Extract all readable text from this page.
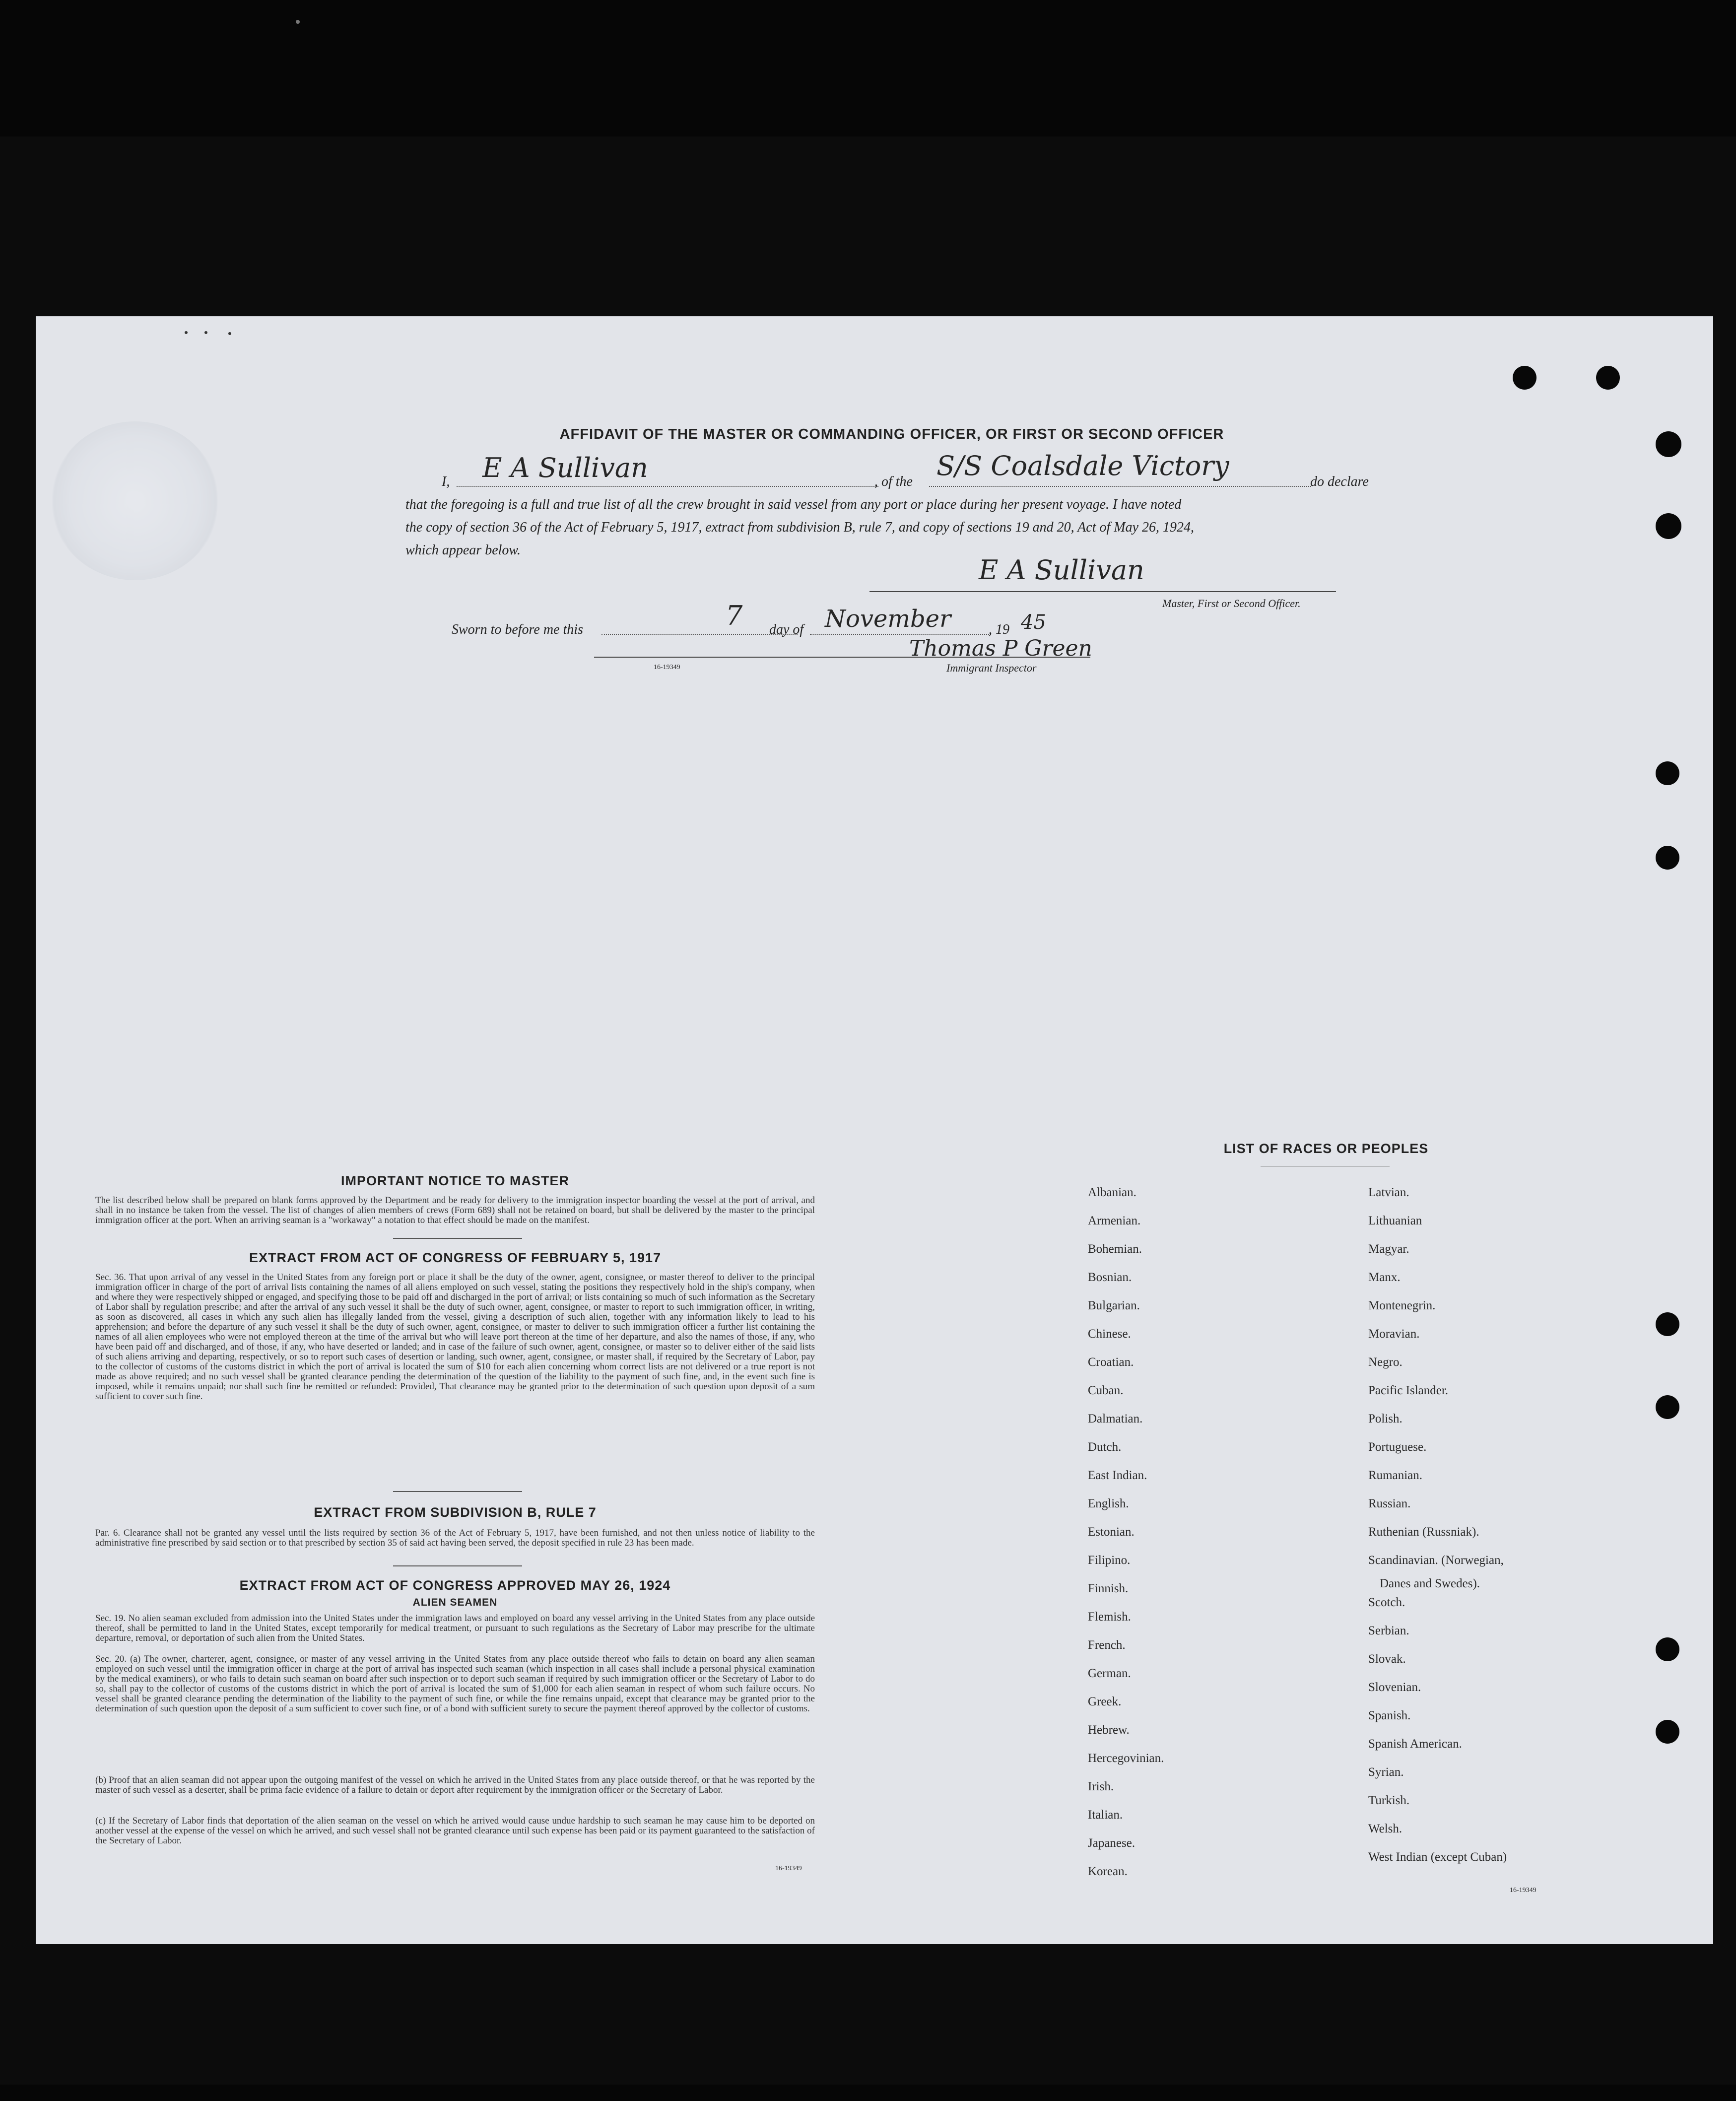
AFFIDAVIT OF THE MASTER OR COMMANDING OFFICER, OR FIRST OR SECOND OFFICER
I, E A Sullivan	, of the
S/S Coalsdale Victory
do declare
that the foregoing is a full and true list of all the crew brought in said vessel from any port or place during her present voyage. I have noted
the copy of section 36 of the Act of February 5, 1917, extract from subdivision B, rule 7, and copy of sections 19 and 20, Act of May 26, 1924,
which appear below.
E A Sullivan
Master, First or Second Officer.
Sworn to before me this	7 day of November	, 19 45
Thomas P Green
16-19349	Immigrant Inspector
IMPORTANT NOTICE TO MASTER
The list described below shall be prepared on blank forms approved by the Department and be ready for delivery to the immigration inspector boarding the vessel at the port of arrival, and shall in no instance be taken from the vessel. The list of changes of alien members of crews (Form 689) shall not be retained on board, but shall be delivered by the master to the principal immigration officer at the port. When an arriving seaman is a "workaway" a notation to that effect should be made on the manifest.
EXTRACT FROM ACT OF CONGRESS OF FEBRUARY 5, 1917
Sec. 36. That upon arrival of any vessel in the United States from any foreign port or place it shall be the duty of the owner, agent, consignee, or master thereof to deliver to the principal immigration officer in charge of the port of arrival lists containing the names of all aliens employed on such vessel, stating the positions they respectively hold in the ship's company, when and where they were respectively shipped or engaged, and specifying those to be paid off and discharged in the port of arrival; or lists containing so much of such information as the Secretary of Labor shall by regulation prescribe; and after the arrival of any such vessel it shall be the duty of such owner, agent, consignee, or master to report to such immigration officer, in writing, as soon as discovered, all cases in which any such alien has illegally landed from the vessel, giving a description of such alien, together with any information likely to lead to his apprehension; and before the departure of any such vessel it shall be the duty of such owner, agent, consignee, or master to deliver to such immigration officer a further list containing the names of all alien employees who were not employed thereon at the time of the arrival but who will leave port thereon at the time of her departure, and also the names of those, if any, who have been paid off and discharged, and of those, if any, who have deserted or landed; and in case of the failure of such owner, agent, consignee, or master so to deliver either of the said lists of such aliens arriving and departing, respectively, or so to report such cases of desertion or landing, such owner, agent, consignee, or master shall, if required by the Secretary of Labor, pay to the collector of customs of the customs district in which the port of arrival is located the sum of $10 for each alien concerning whom correct lists are not delivered or a true report is not made as above required; and no such vessel shall be granted clearance pending the determination of the question of the liability to the payment of such fine, and, in the event such fine is imposed, while it remains unpaid; nor shall such fine be remitted or refunded: Provided, That clearance may be granted prior to the determination of such question upon deposit of a sum sufficient to cover such fine.
EXTRACT FROM SUBDIVISION B, RULE 7
Par. 6. Clearance shall not be granted any vessel until the lists required by section 36 of the Act of February 5, 1917, have been furnished, and not then unless notice of liability to the administrative fine prescribed by said section or to that prescribed by section 35 of said act having been served, the deposit specified in rule 23 has been made.
EXTRACT FROM ACT OF CONGRESS APPROVED MAY 26, 1924
ALIEN SEAMEN
Sec. 19. No alien seaman excluded from admission into the United States under the immigration laws and employed on board any vessel arriving in the United States from any place outside thereof, shall be permitted to land in the United States, except temporarily for medical treatment, or pursuant to such regulations as the Secretary of Labor may prescribe for the ultimate departure, removal, or deportation of such alien from the United States.
Sec. 20. (a) The owner, charterer, agent, consignee, or master of any vessel arriving in the United States from any place outside thereof who fails to detain on board any alien seaman employed on such vessel until the immigration officer in charge at the port of arrival has inspected such seaman (which inspection in all cases shall include a personal physical examination by the medical examiners), or who fails to detain such seaman on board after such inspection or to deport such seaman if required by such immigration officer or the Secretary of Labor to do so, shall pay to the collector of customs of the customs district in which the port of arrival is located the sum of $1,000 for each alien seaman in respect of whom such failure occurs. No vessel shall be granted clearance pending the determination of the liability to the payment of such fine, or while the fine remains unpaid, except that clearance may be granted prior to the determination of such question upon the deposit of a sum sufficient to cover such fine, or of a bond with sufficient surety to secure the payment thereof approved by the collector of customs.
(b) Proof that an alien seaman did not appear upon the outgoing manifest of the vessel on which he arrived in the United States from any place outside thereof, or that he was reported by the master of such vessel as a deserter, shall be prima facie evidence of a failure to detain or deport after requirement by the immigration officer or the Secretary of Labor.
(c) If the Secretary of Labor finds that deportation of the alien seaman on the vessel on which he arrived would cause undue hardship to such seaman he may cause him to be deported on another vessel at the expense of the vessel on which he arrived, and such vessel shall not be granted clearance until such expense has been paid or its payment guaranteed to the satisfaction of the Secretary of Labor.
16-19349
LIST OF RACES OR PEOPLES
Albanian.
Armenian.
Bohemian.
Bosnian.
Bulgarian.
Chinese.
Croatian.
Cuban.
Dalmatian.
Dutch.
East Indian.
English.
Estonian.
Filipino.
Finnish.
Flemish.
French.
German.
Greek.
Hebrew.
Hercegovinian.
Irish.
Italian.
Japanese.
Korean.
Latvian.
Lithuanian
Magyar.
Manx.
Montenegrin.
Moravian.
Negro.
Pacific Islander.
Polish.
Portuguese.
Rumanian.
Russian.
Ruthenian (Russniak).
Scandinavian. (Norwegian,
Scotch.
Serbian.
Slovak.
Slovenian.
Spanish.
Spanish American.
Syrian.
Turkish.
Welsh.
West Indian (except Cuban)
Danes and Swedes).
16-19349
